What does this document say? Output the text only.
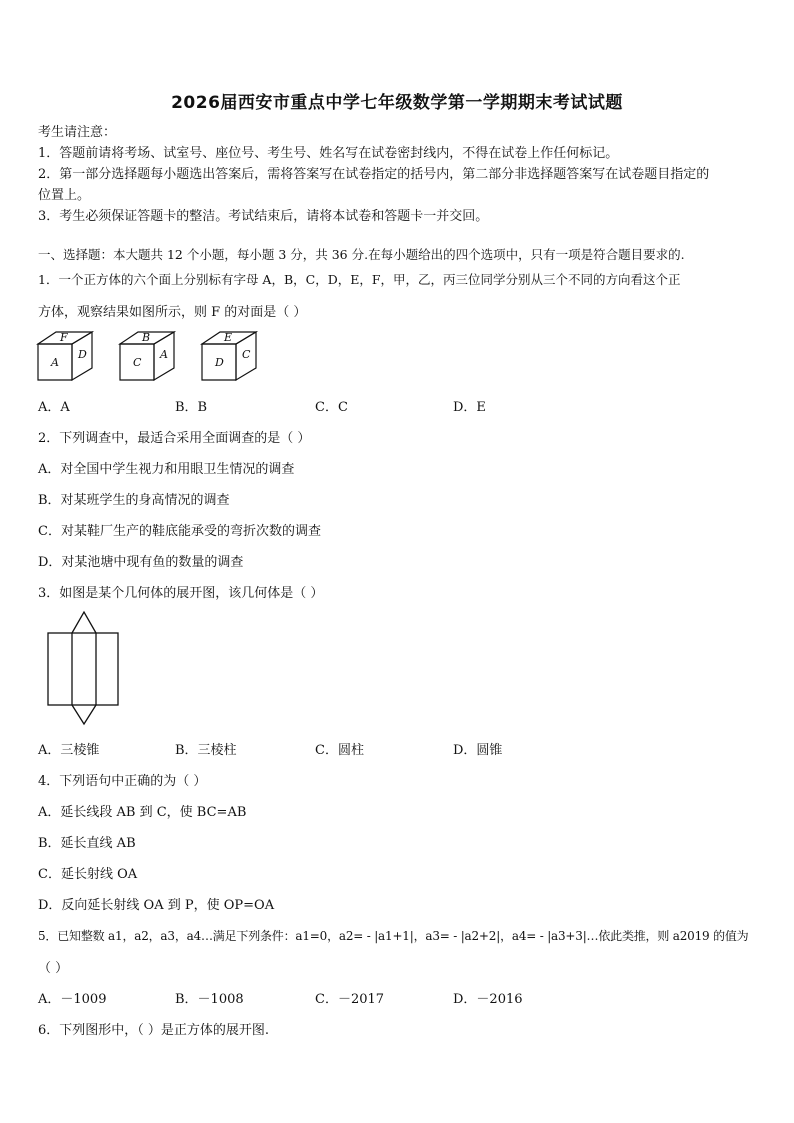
2026届西安市重点中学七年级数学第一学期期末考试试题
考生请注意：
1．答题前请将考场、试室号、座位号、考生号、姓名写在试卷密封线内，不得在试卷上作任何标记。
2．第一部分选择题每小题选出答案后，需将答案写在试卷指定的括号内，第二部分非选择题答案写在试卷题目指定的
位置上。
3．考生必须保证答题卡的整洁。考试结束后，请将本试卷和答题卡一并交回。
一、选择题：本大题共 12 个小题，每小题 3 分，共 36 分.在每小题给出的四个选项中，只有一项是符合题目要求的.
1．一个正方体的六个面上分别标有字母 A，B，C，D，E，F，甲，乙，丙三位同学分别从三个不同的方向看这个正
方体，观察结果如图所示，则 F 的对面是（ ）
F
A
D
B
C
A
E
D
C
A．A	B．B	C．C	D．E
2．下列调查中，最适合采用全面调查的是（ ）
A．对全国中学生视力和用眼卫生情况的调查
B．对某班学生的身高情况的调查
C．对某鞋厂生产的鞋底能承受的弯折次数的调查
D．对某池塘中现有鱼的数量的调查
3．如图是某个几何体的展开图，该几何体是（ ）
A．三棱锥	B．三棱柱	C．圆柱	D．圆锥
4．下列语句中正确的为（ ）
A．延长线段 AB 到 C，使 BC=AB
B．延长直线 AB
C．延长射线 OA
D．反向延长射线 OA 到 P，使 OP=OA
5．已知整数 a1，a2，a3，a4…满足下列条件：a1=0，a2= - |a1+1|，a3= - |a2+2|，a4= - |a3+3|…依此类推，则 a2019 的值为
（ ）
A．－1009	B．－1008	C．－2017	D．－2016
6．下列图形中，（ ）是正方体的展开图.
